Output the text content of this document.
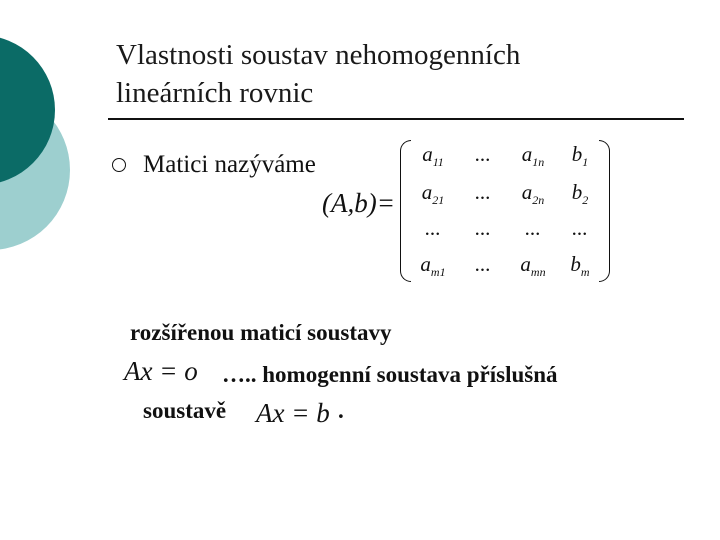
Vlastnosti soustav nehomogenních
lineárních rovnic
Matici nazýváme
(A,b)=
$a_{11}$	...	$a_{1n}$	$b_1$
$a_{21}$	...	$a_{2n}$	$b_2$
...	...	...	...
$a_{m1}$	...	$a_{mn}$	$b_m$
rozšířenou maticí soustavy
Ax = o ….. homogenní soustava příslušná
soustavě Ax = b .
